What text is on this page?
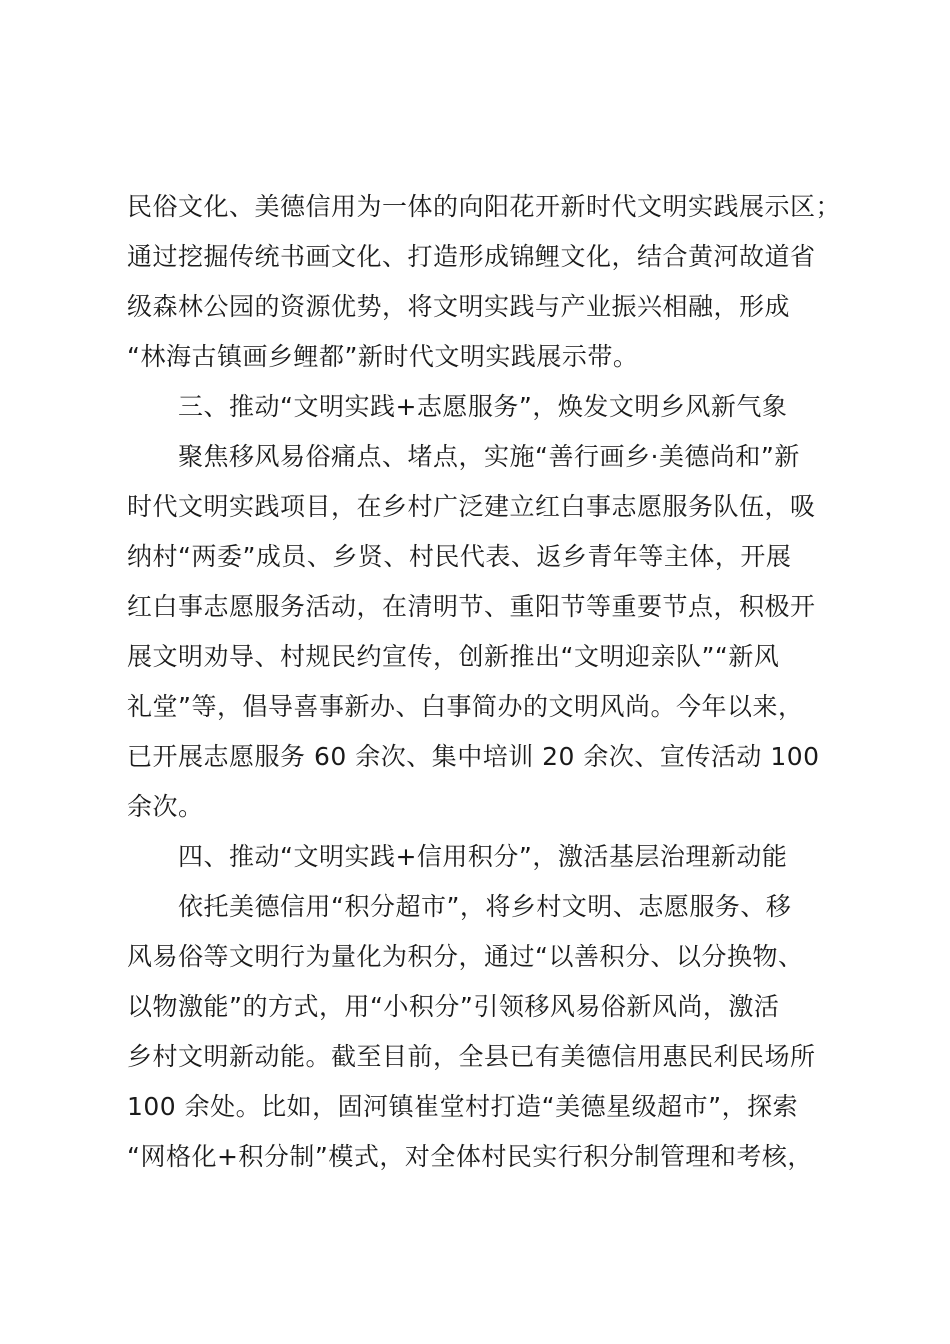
民俗文化、美德信用为一体的向阳花开新时代文明实践展示区；
通过挖掘传统书画文化、打造形成锦鲤文化，结合黄河故道省
级森林公园的资源优势，将文明实践与产业振兴相融，形成
“林海古镇画乡鲤都”新时代文明实践展示带。
三、推动“文明实践+志愿服务”，焕发文明乡风新气象
聚焦移风易俗痛点、堵点，实施“善行画乡·美德尚和”新
时代文明实践项目，在乡村广泛建立红白事志愿服务队伍，吸
纳村“两委”成员、乡贤、村民代表、返乡青年等主体，开展
红白事志愿服务活动，在清明节、重阳节等重要节点，积极开
展文明劝导、村规民约宣传，创新推出“文明迎亲队”“新风
礼堂”等，倡导喜事新办、白事简办的文明风尚。今年以来，
已开展志愿服务 60 余次、集中培训 20 余次、宣传活动 100
余次。
四、推动“文明实践+信用积分”，激活基层治理新动能
依托美德信用“积分超市”，将乡村文明、志愿服务、移
风易俗等文明行为量化为积分，通过“以善积分、以分换物、
以物激能”的方式，用“小积分”引领移风易俗新风尚，激活
乡村文明新动能。截至目前，全县已有美德信用惠民利民场所
100 余处。比如，固河镇崔堂村打造“美德星级超市”，探索
“网格化+积分制”模式，对全体村民实行积分制管理和考核，
